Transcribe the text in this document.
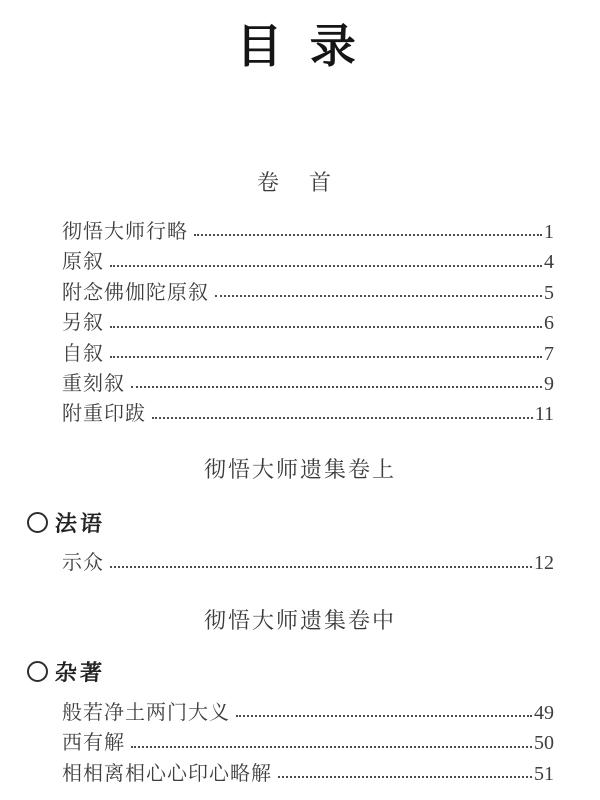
目 录
卷 首
彻悟大师行略	1
原叙	4
附念佛伽陀原叙	5
另叙	6
自叙	7
重刻叙	9
附重印跋	11
彻悟大师遗集卷上
法语
示众	12
彻悟大师遗集卷中
杂著
般若净土两门大义	49
西有解	50
相相离相心心印心略解	51
